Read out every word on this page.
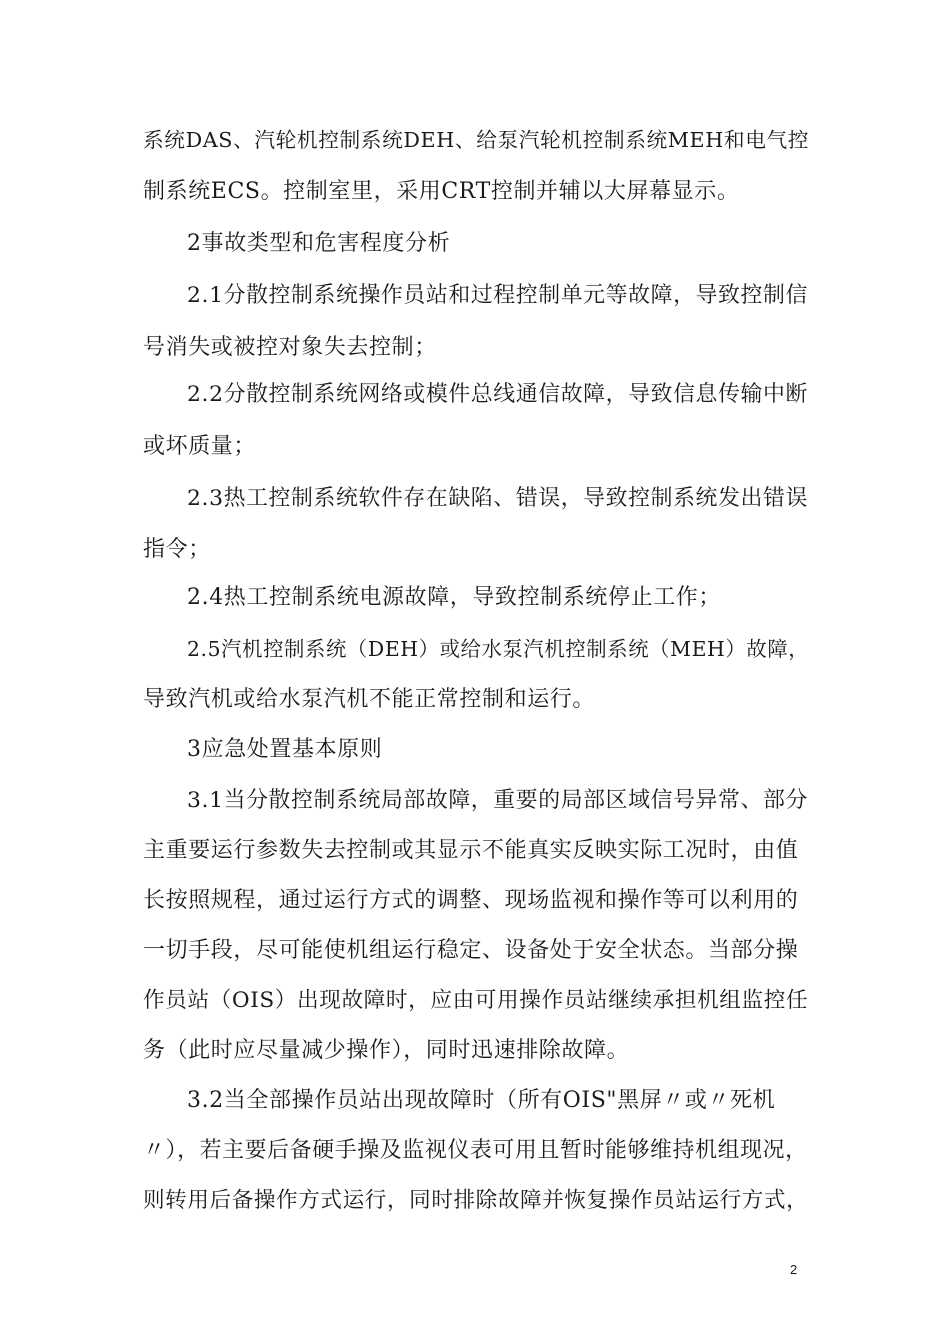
系统DAS、汽轮机控制系统DEH、给泵汽轮机控制系统MEH和电气控
制系统ECS。控制室里，采用CRT控制并辅以大屏幕显示。
2事故类型和危害程度分析
2.1分散控制系统操作员站和过程控制单元等故障，导致控制信
号消失或被控对象失去控制；
2.2分散控制系统网络或模件总线通信故障，导致信息传输中断
或坏质量；
2.3热工控制系统软件存在缺陷、错误，导致控制系统发出错误
指令；
2.4热工控制系统电源故障，导致控制系统停止工作；
2.5汽机控制系统（DEH）或给水泵汽机控制系统（MEH）故障，
导致汽机或给水泵汽机不能正常控制和运行。
3应急处置基本原则
3.1当分散控制系统局部故障，重要的局部区域信号异常、部分
主重要运行参数失去控制或其显示不能真实反映实际工况时，由值
长按照规程，通过运行方式的调整、现场监视和操作等可以利用的
一切手段，尽可能使机组运行稳定、设备处于安全状态。当部分操
作员站（OIS）出现故障时，应由可用操作员站继续承担机组监控任
务（此时应尽量减少操作），同时迅速排除故障。
3.2当全部操作员站出现故障时（所有OIS"黑屏〃或〃死机
〃），若主要后备硬手操及监视仪表可用且暂时能够维持机组现况，
则转用后备操作方式运行，同时排除故障并恢复操作员站运行方式，
2
